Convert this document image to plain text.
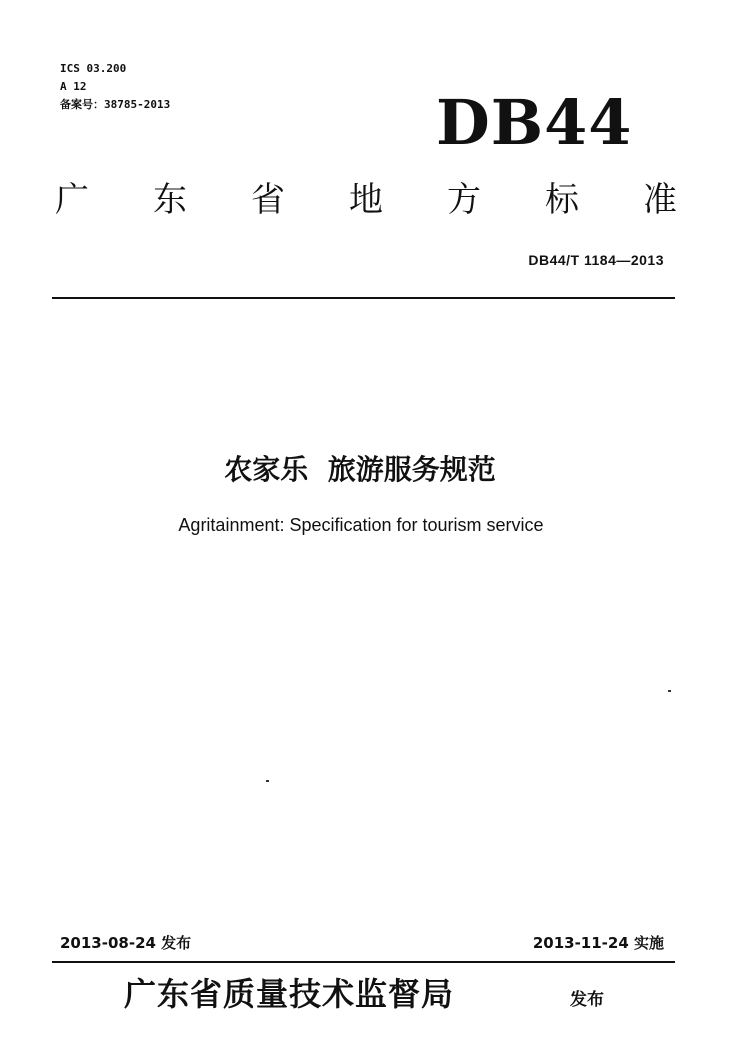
ICS 03.200
A 12
备案号：38785-2013	DB44
广 东 省 地 方 标 准
DB44/T 1184—2013
农家乐  旅游服务规范
Agritainment: Specification for tourism service
2013-08-24 发布	2013-11-24 实施
广东省质量技术监督局	发布
